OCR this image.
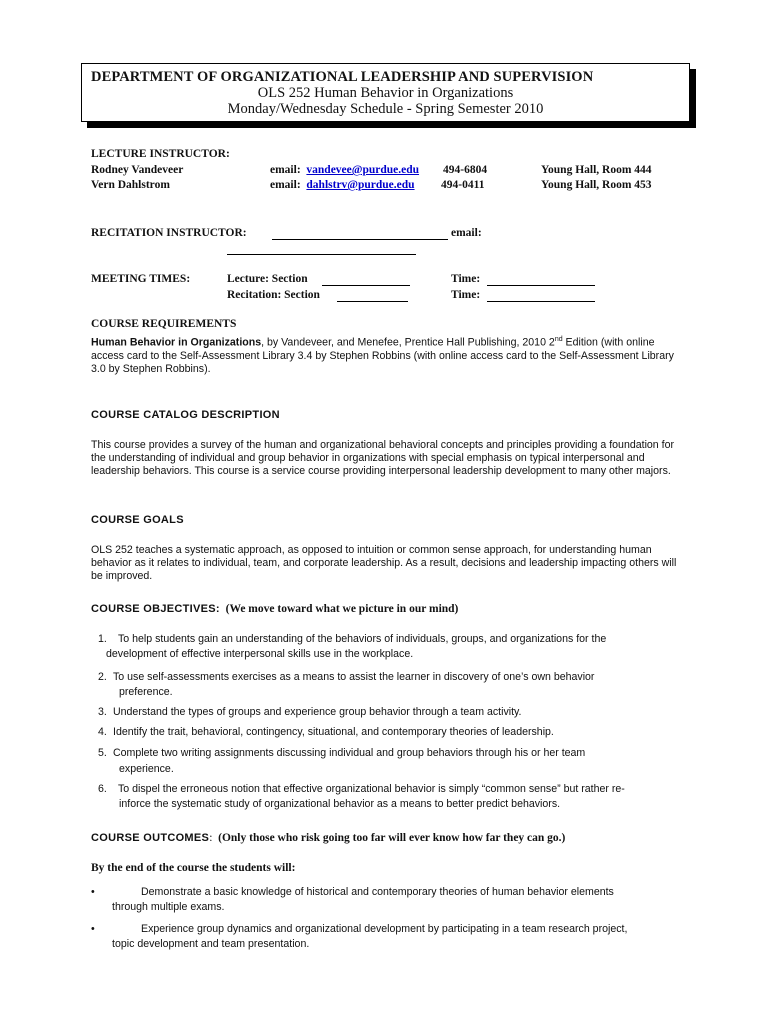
DEPARTMENT OF ORGANIZATIONAL LEADERSHIP AND SUPERVISION
OLS 252 Human Behavior in Organizations
Monday/Wednesday Schedule - Spring Semester 2010
LECTURE INSTRUCTOR:
Rodney Vandeveer	email: vandevee@purdue.edu 494-6804	Young Hall, Room 444
Vern Dahlstrom	email: dahlstrv@purdue.edu 494-0411	Young Hall, Room 453
RECITATION INSTRUCTOR:	email:
MEETING TIMES:	Lecture: Section	Time:
Recitation: Section	Time:
COURSE REQUIREMENTS
Human Behavior in Organizations, by Vandeveer, and Menefee, Prentice Hall Publishing, 2010 2nd Edition (with online access card to the Self-Assessment Library 3.4 by Stephen Robbins (with online access card to the Self-Assessment Library 3.0 by Stephen Robbins).
COURSE CATALOG DESCRIPTION
This course provides a survey of the human and organizational behavioral concepts and principles providing a foundation for the understanding of individual and group behavior in organizations with special emphasis on typical interpersonal and leadership behaviors. This course is a service course providing interpersonal leadership development to many other majors.
COURSE GOALS
OLS 252 teaches a systematic approach, as opposed to intuition or common sense approach, for understanding human behavior as it relates to individual, team, and corporate leadership. As a result, decisions and leadership impacting others will be improved.
COURSE OBJECTIVES: (We move toward what we picture in our mind)
1. To help students gain an understanding of the behaviors of individuals, groups, and organizations for the
development of effective interpersonal skills use in the workplace.
2. To use self-assessments exercises as a means to assist the learner in discovery of one’s own behavior
preference.
3. Understand the types of groups and experience group behavior through a team activity.
4. Identify the trait, behavioral, contingency, situational, and contemporary theories of leadership.
5. Complete two writing assignments discussing individual and group behaviors through his or her team
experience.
6. To dispel the erroneous notion that effective organizational behavior is simply “common sense” but rather re-
inforce the systematic study of organizational behavior as a means to better predict behaviors.
COURSE OUTCOMES:  (Only those who risk going too far will ever know how far they can go.)
By the end of the course the students will:
•	Demonstrate a basic knowledge of historical and contemporary theories of human behavior elements
through multiple exams.
•	Experience group dynamics and organizational development by participating in a team research project,
topic development and team presentation.
